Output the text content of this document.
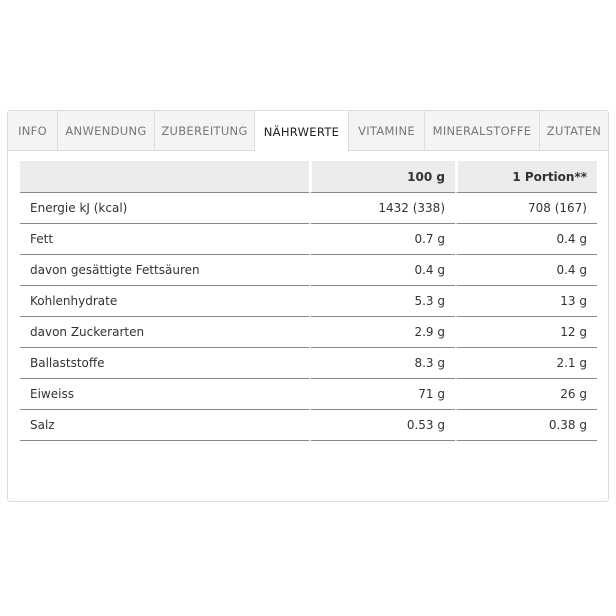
INFO	ANWENDUNG	ZUBEREITUNG	NÄHRWERTE	VITAMINE	MINERALSTOFFE	ZUTATEN
	100 g	1 Portion**
Energie kJ (kcal)	1432 (338)	708 (167)
Fett	0.7 g	0.4 g
davon gesättigte Fettsäuren	0.4 g	0.4 g
Kohlenhydrate	5.3 g	13 g
davon Zuckerarten	2.9 g	12 g
Ballaststoffe	8.3 g	2.1 g
Eiweiss	71 g	26 g
Salz	0.53 g	0.38 g
